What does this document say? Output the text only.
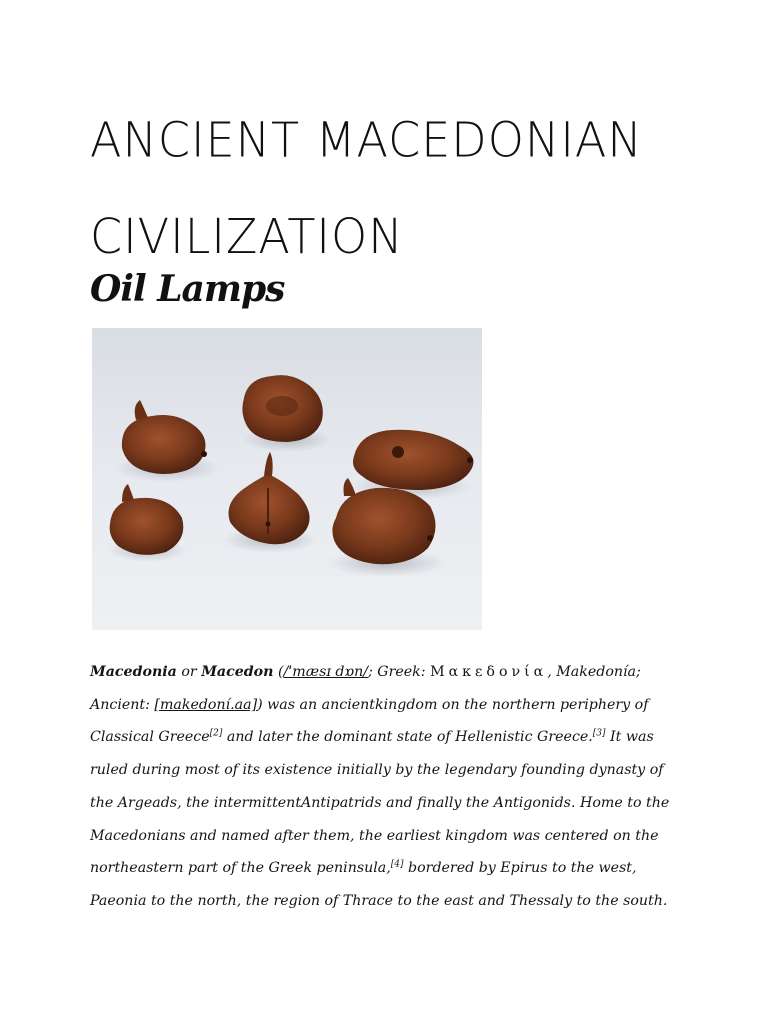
ANCIENT MACEDONIAN
CIVILIZATION
Oil Lamps

Macedonia or Macedon (/ˈmæsɪ dɒn/; Greek: Μακεδονία, Makedonía; Ancient: [makedoní.aa]) was an ancientkingdom on the northern periphery of Classical Greece[2] and later the dominant state of Hellenistic Greece.[3] It was ruled during most of its existence initially by the legendary founding dynasty of the Argeads, the intermittentAntipatrids and finally the Antigonids. Home to the Macedonians and named after them, the earliest kingdom was centered on the northeastern part of the Greek peninsula,[4] bordered by Epirus to the west, Paeonia to the north, the region of Thrace to the east and Thessaly to the south.
